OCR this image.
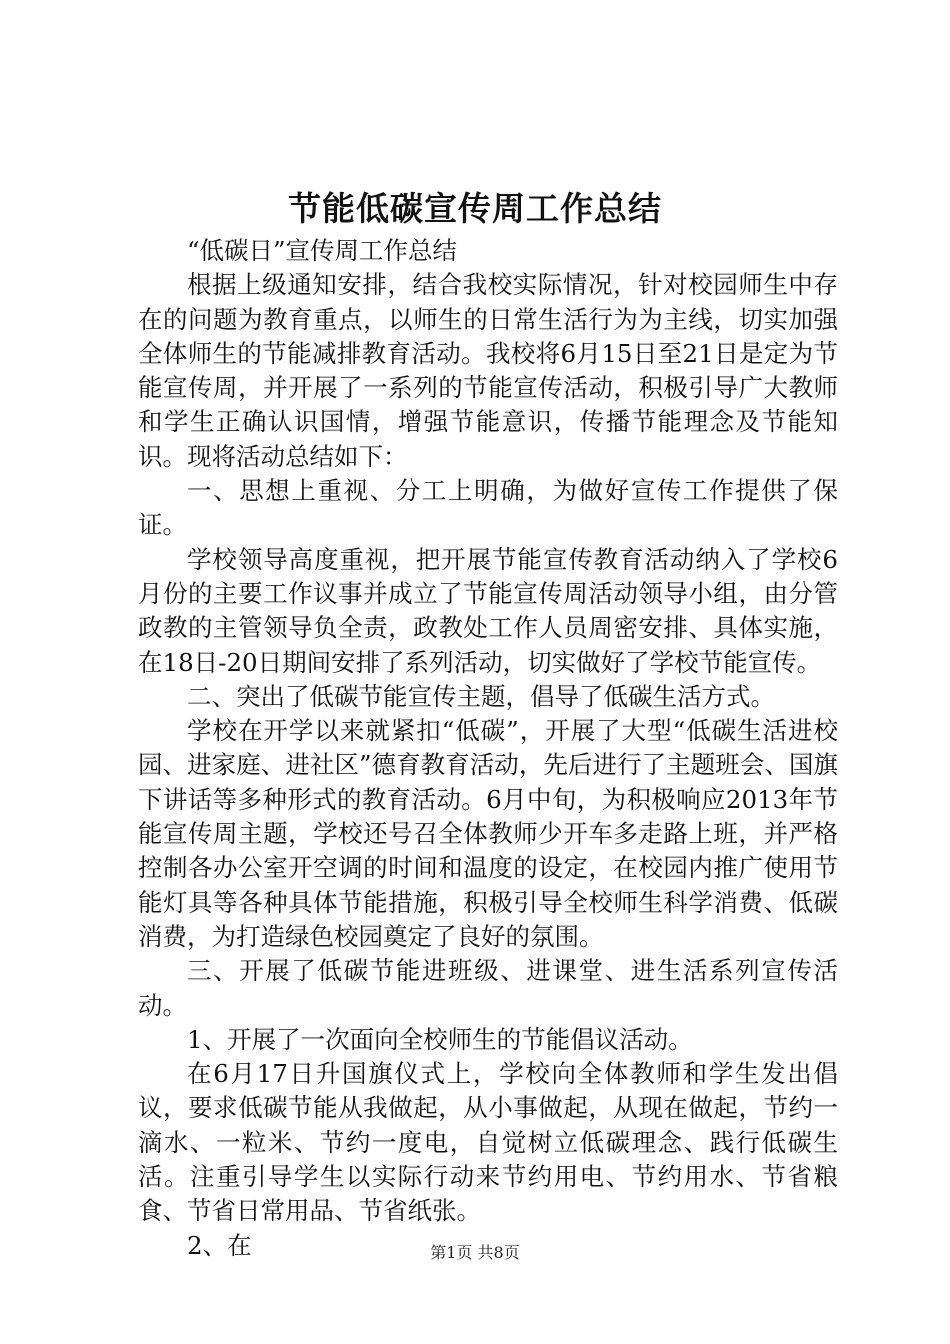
节能低碳宣传周工作总结

“低碳日”宣传周工作总结

根据上级通知安排，结合我校实际情况，针对校园师生中存在的问题为教育重点，以师生的日常生活行为为主线，切实加强全体师生的节能减排教育活动。我校将6月15日至21日是定为节能宣传周，并开展了一系列的节能宣传活动，积极引导广大教师和学生正确认识国情，增强节能意识，传播节能理念及节能知识。现将活动总结如下：

一、思想上重视、分工上明确，为做好宣传工作提供了保证。

学校领导高度重视，把开展节能宣传教育活动纳入了学校6月份的主要工作议事并成立了节能宣传周活动领导小组，由分管政教的主管领导负全责，政教处工作人员周密安排、具体实施，在18日-20日期间安排了系列活动，切实做好了学校节能宣传。

二、突出了低碳节能宣传主题，倡导了低碳生活方式。

学校在开学以来就紧扣“低碳”，开展了大型“低碳生活进校园、进家庭、进社区”德育教育活动，先后进行了主题班会、国旗下讲话等多种形式的教育活动。6月中旬，为积极响应2013年节能宣传周主题，学校还号召全体教师少开车多走路上班，并严格控制各办公室开空调的时间和温度的设定，在校园内推广使用节能灯具等各种具体节能措施，积极引导全校师生科学消费、低碳消费，为打造绿色校园奠定了良好的氛围。

三、开展了低碳节能进班级、进课堂、进生活系列宣传活动。

1、开展了一次面向全校师生的节能倡议活动。

在6月17日升国旗仪式上，学校向全体教师和学生发出倡议，要求低碳节能从我做起，从小事做起，从现在做起，节约一滴水、一粒米、节约一度电，自觉树立低碳理念、践行低碳生活。注重引导学生以实际行动来节约用电、节约用水、节省粮食、节省日常用品、节省纸张。

2、在	第1页 共8页
